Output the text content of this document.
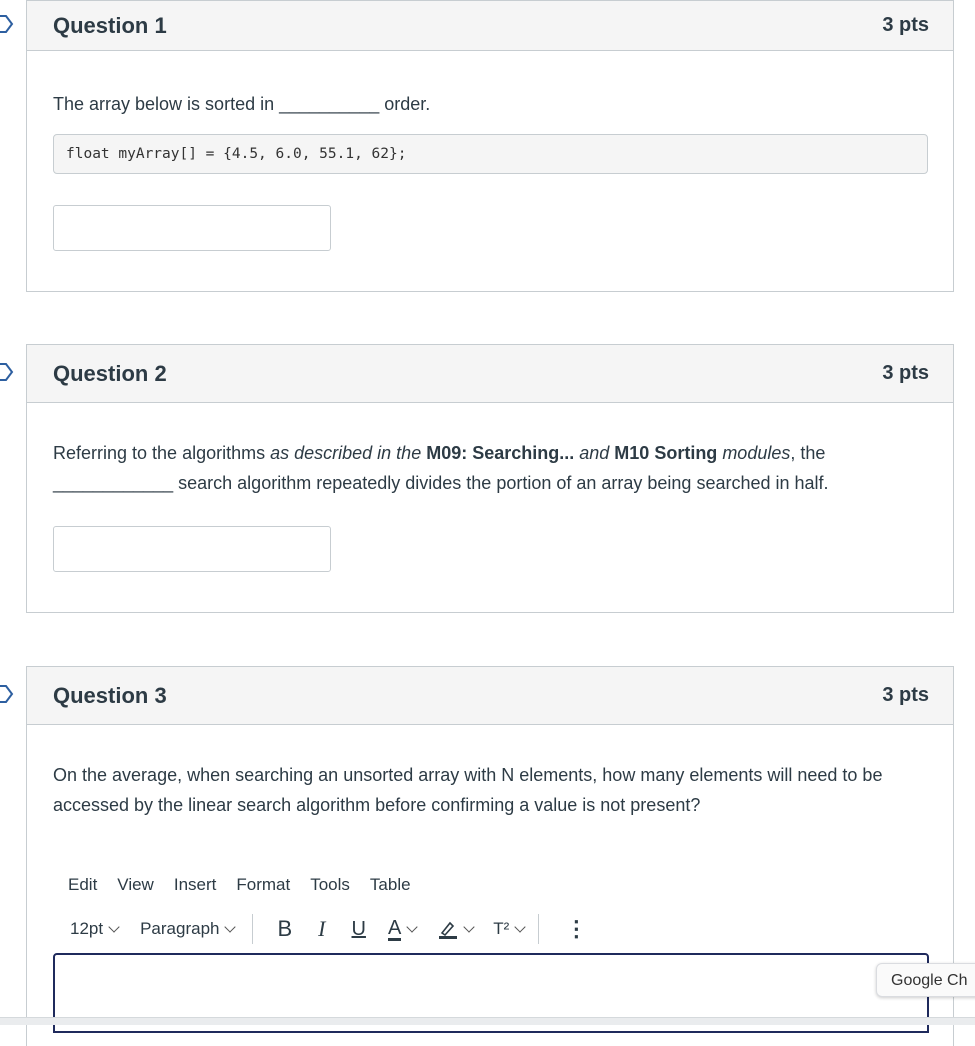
Question 1	3 pts
The array below is sorted in __________ order.
float myArray[] = {4.5, 6.0, 55.1, 62};
Question 2	3 pts
Referring to the algorithms as described in the M09: Searching... and M10 Sorting modules, the
____________ search algorithm repeatedly divides the portion of an array being searched in half.
Question 3	3 pts
On the average, when searching an unsorted array with N elements, how many elements will need to be accessed by the linear search algorithm before confirming a value is not present?
Edit View Insert Format Tools Table
12pt Paragraph	B I U A	T²	⋮
Google Ch
